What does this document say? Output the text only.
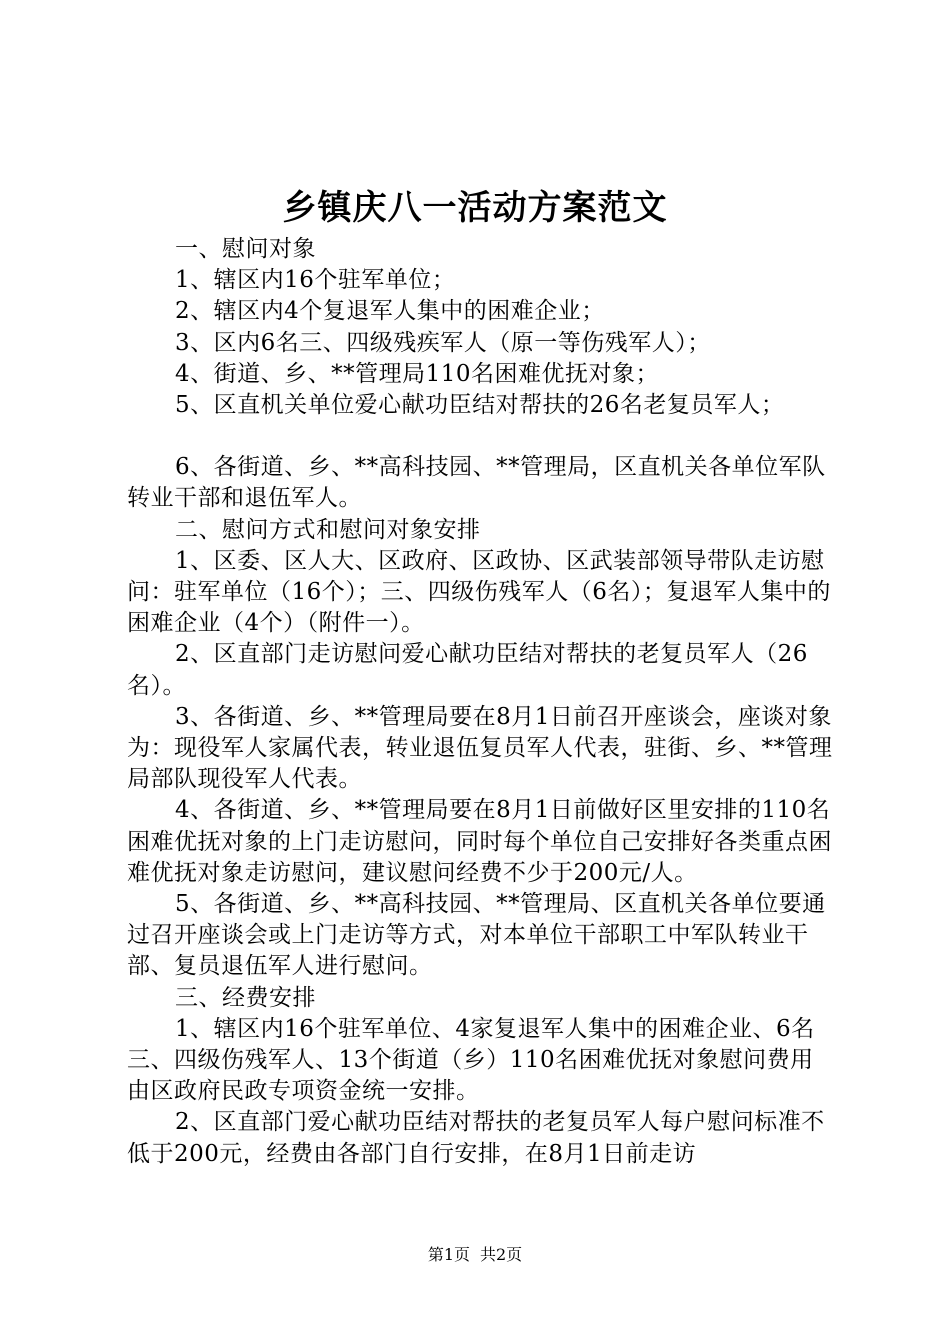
乡镇庆八一活动方案范文

一、慰问对象

1、辖区内16个驻军单位；

2、辖区内4个复退军人集中的困难企业；

3、区内6名三、四级残疾军人（原一等伤残军人）；

4、街道、乡、**管理局110名困难优抚对象；

5、区直机关单位爱心献功臣结对帮扶的26名老复员军人；

6、各街道、乡、**高科技园、**管理局，区直机关各单位军队转业干部和退伍军人。

二、慰问方式和慰问对象安排

1、区委、区人大、区政府、区政协、区武装部领导带队走访慰问：驻军单位（16个）；三、四级伤残军人（6名）；复退军人集中的困难企业（4个）（附件一）。

2、区直部门走访慰问爱心献功臣结对帮扶的老复员军人（26名）。

3、各街道、乡、**管理局要在8月1日前召开座谈会，座谈对象为：现役军人家属代表，转业退伍复员军人代表，驻街、乡、**管理局部队现役军人代表。

4、各街道、乡、**管理局要在8月1日前做好区里安排的110名困难优抚对象的上门走访慰问，同时每个单位自己安排好各类重点困难优抚对象走访慰问，建议慰问经费不少于200元/人。

5、各街道、乡、**高科技园、**管理局、区直机关各单位要通过召开座谈会或上门走访等方式，对本单位干部职工中军队转业干部、复员退伍军人进行慰问。

三、经费安排

1、辖区内16个驻军单位、4家复退军人集中的困难企业、6名三、四级伤残军人、13个街道（乡）110名困难优抚对象慰问费用由区政府民政专项资金统一安排。

2、区直部门爱心献功臣结对帮扶的老复员军人每户慰问标准不低于200元，经费由各部门自行安排，在8月1日前走访

第1页 共2页
